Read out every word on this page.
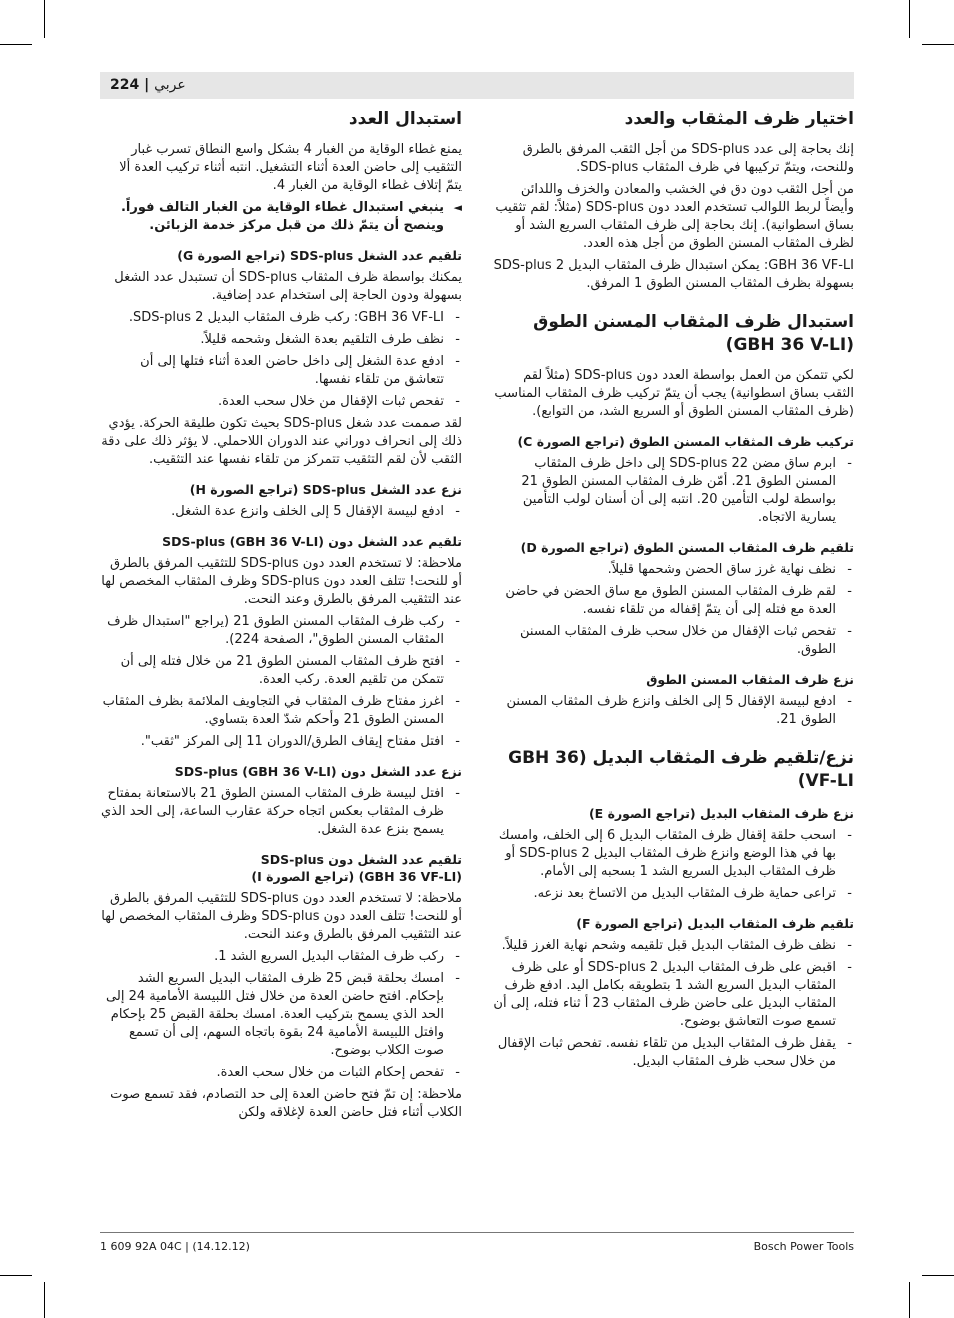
عربي | 224
اختيار ظرف المثقاب والعدد

إنك بحاجة إلى عدد SDS-plus من أجل الثقب المرفق بالطرق وللنحت، ويتمّ تركيبها في ظرف المثقاب SDS-plus.

من أجل الثقب دون دق في الخشب والمعادن والخزف واللدائن وأيضاً لربط اللوالب تستخدم العدد دون SDS-plus (مثلاً: لقم تثقيب بساق اسطوانية). إنك بحاجة إلى ظرف المثقاب السريع الشد أو لظرف المثقاب المسنن الطوق من أجل هذه العدد.

GBH 36 VF-LI: يمكن استبدال ظرف المثقاب البديل SDS-plus 2 بسهولة بظرف المثقاب المسنن الطوق 1 المرفق.

استبدال ظرف المثقاب المسنن الطوق (GBH 36 V-LI)

لكي تتمكن من العمل بواسطة العدد دون SDS-plus (مثلاً لقم الثقب بساق اسطوانية) يجب أن يتمّ تركيب ظرف المثقاب المناسب (ظرف المثقاب المسنن الطوق أو السريع الشد، من التوابع).

تركيب ظرف المثقاب المسنن الطوق (تراجع الصورة C)
- ابرم ساق مضن SDS-plus 22 إلى داخل ظرف المثقاب المسنن الطوق 21. أمّن ظرف المثقاب المسنن الطوق 21 بواسطة لولب التأمين 20. انتبه إلى أن أسنان لولب التأمين يسارية الاتجاه.
تلقيم ظرف المثقاب المسنن الطوق (تراجع الصورة D)
- نظف نهاية غرز ساق الحضن وشحمها قليلاً.
- لقم ظرف المثقاب المسنن الطوق مع ساق الحضن في حاضن العدة مع فتله إلى أن يتمّ إقفاله من تلقاء نفسه.
- تفحص ثبات الإقفال من خلال سحب ظرف المثقاب المسنن الطوق.
نزع ظرف المثقاب المسنن الطوق
- ادفع لبيسة الإقفال 5 إلى الخلف وانزع ظرف المثقاب المسنن الطوق 21.
نزع/تلقيم ظرف المثقاب البديل (GBH 36 VF-LI)
نزع ظرف المثقاب البديل (تراجع الصورة E)
- اسحب حلقة إقفال ظرف المثقاب البديل 6 إلى الخلف، وامسك بها في هذا الوضع وانزع ظرف المثقاب البديل SDS-plus 2 أو ظرف المثقاب البديل السريع الشد 1 بسحبه إلى الأمام.
- تراعى حماية ظرف المثقاب البديل من الاتساخ بعد نزعه.
تلقيم ظرف المثقاب البديل (تراجع الصورة F)
- نظف ظرف المثقاب البديل قبل تلقيمه وشحم نهاية الغرز قليلاً.
- اقبض على ظرف المثقاب البديل SDS-plus 2 أو على ظرف المثقاب البديل السريع الشد 1 بتطويقه بكامل اليد. ادفع ظرف المثقاب البديل على حاضن ظرف المثقاب 23 أ ثناء فتله، إلى أن تسمع صوت التعاشق بوضوح.
- يقفل ظرف المثقاب البديل من تلقاء نفسه. تفحص ثبات الإقفال من خلال سحب ظرف المثقاب البديل.
استبدال العدد

يمنع غطاء الوقاية من الغبار 4 بشكل واسع النطاق تسرب غبار التثقيب إلى حاضن العدة أثناء التشغيل. انتبه أثناء تركيب العدة ألا يتمّ إتلاف غطاء الوقاية من الغبار 4.

◄ ينبغي استبدال غطاء الوقاية من الغبار التالف فوراً. وينصح أن يتمّ ذلك من قبل مركز خدمة الزبائن.
تلقيم عدد الشغل SDS-plus (تراجع الصورة G)

يمكنك بواسطة ظرف المثقاب SDS-plus أن تستبدل عدد الشغل بسهولة ودون الحاجة إلى استخدام عدد إضافية.

- GBH 36 VF-LI: ركب ظرف المثقاب البديل SDS-plus 2.
- نظف طرف التلقيم بعدة الشغل وشحمه قليلاً.
- ادفع عدة الشغل إلى داخل حاضن العدة أثناء فتلها إلى أن تتعاشق من تلقاء نفسها.
- تفحص ثبات الإقفال من خلال سحب العدة.

لقد صممت عدد شغل SDS-plus بحيث تكون طليقة الحركة. يؤدي ذلك إلى انحراف دوراني عند الدوران اللاحملي. لا يؤثر ذلك على دقة الثقب لأن لقم التثقيب تتمركز من تلقاء نفسها عند التثقيب.

نزع عدد الشغل SDS-plus (تراجع الصورة H)
- ادفع لبيسة الإقفال 5 إلى الخلف وانزع عدة الشغل.
تلقيم عدد الشغل دون SDS-plus (GBH 36 V-LI)

ملاحظة: لا تستخدم العدد دون SDS-plus للتثقيب المرفق بالطرق أو للنحت! تتلف العدد دون SDS-plus وظرف المثقاب المخصص لها عند التثقيب المرفق بالطرق وعند النحت.

- ركب ظرف المثقاب المسنن الطوق 21 (يراجع "استبدال ظرف المثقاب المسنن الطوق"، الصفحة 224).
- افتح ظرف المثقاب المسنن الطوق 21 من خلال فتله إلى أن تتمكن من تلقيم العدة. ركب العدة.
- اغرز مفتاح ظرف المثقاب في التجاويف الملائمة بظرف المثقاب المسنن الطوق 21 وأحكم شدّ العدة بتساوي.
- افتل مفتاح إيقاف الطرق/الدوران 11 إلى المركز "ثقب".
نزع عدد الشغل دون SDS-plus (GBH 36 V-LI)
- افتل لبيسة ظرف المثقاب المسنن الطوق 21 بالاستعانة بمفتاح ظرف المثقاب بعكس اتجاه حركة عقارب الساعة، إلى الحد الذي يسمح بنزع عدة الشغل.
تلقيم عدد الشغل دون SDS-plus
(GBH 36 VF-LI) (تراجع الصورة I)

ملاحظة: لا تستخدم العدد دون SDS-plus للتثقيب المرفق بالطرق أو للنحت! تتلف العدد دون SDS-plus وظرف المثقاب المخصص لها عند التثقيب المرفق بالطرق وعند النحت.

- ركب ظرف المثقاب البديل السريع الشد 1.
- امسك بحلقة قبض 25 ظرف المثقاب البديل السريع الشد بإحكام. افتح حاضن العدة من خلال فتل اللبيسة الأمامية 24 إلى الحد الذي يسمح بتركيب العدة. امسك بحلقة القبض 25 بإحكام وافتل اللبيسة الأمامية 24 بقوة باتجاه السهم، إلى أن تسمع صوت الكلاب بوضوح.
- تفحص إحكام الثبات من خلال سحب العدة.

ملاحظة: إن تمّ فتح حاضن العدة إلى حد التصادم، فقد تسمع صوت الكلاب أثناء فتل حاضن العدة لإغلاقه ولكن

1 609 92A 04C | (14.12.12)	Bosch Power Tools
